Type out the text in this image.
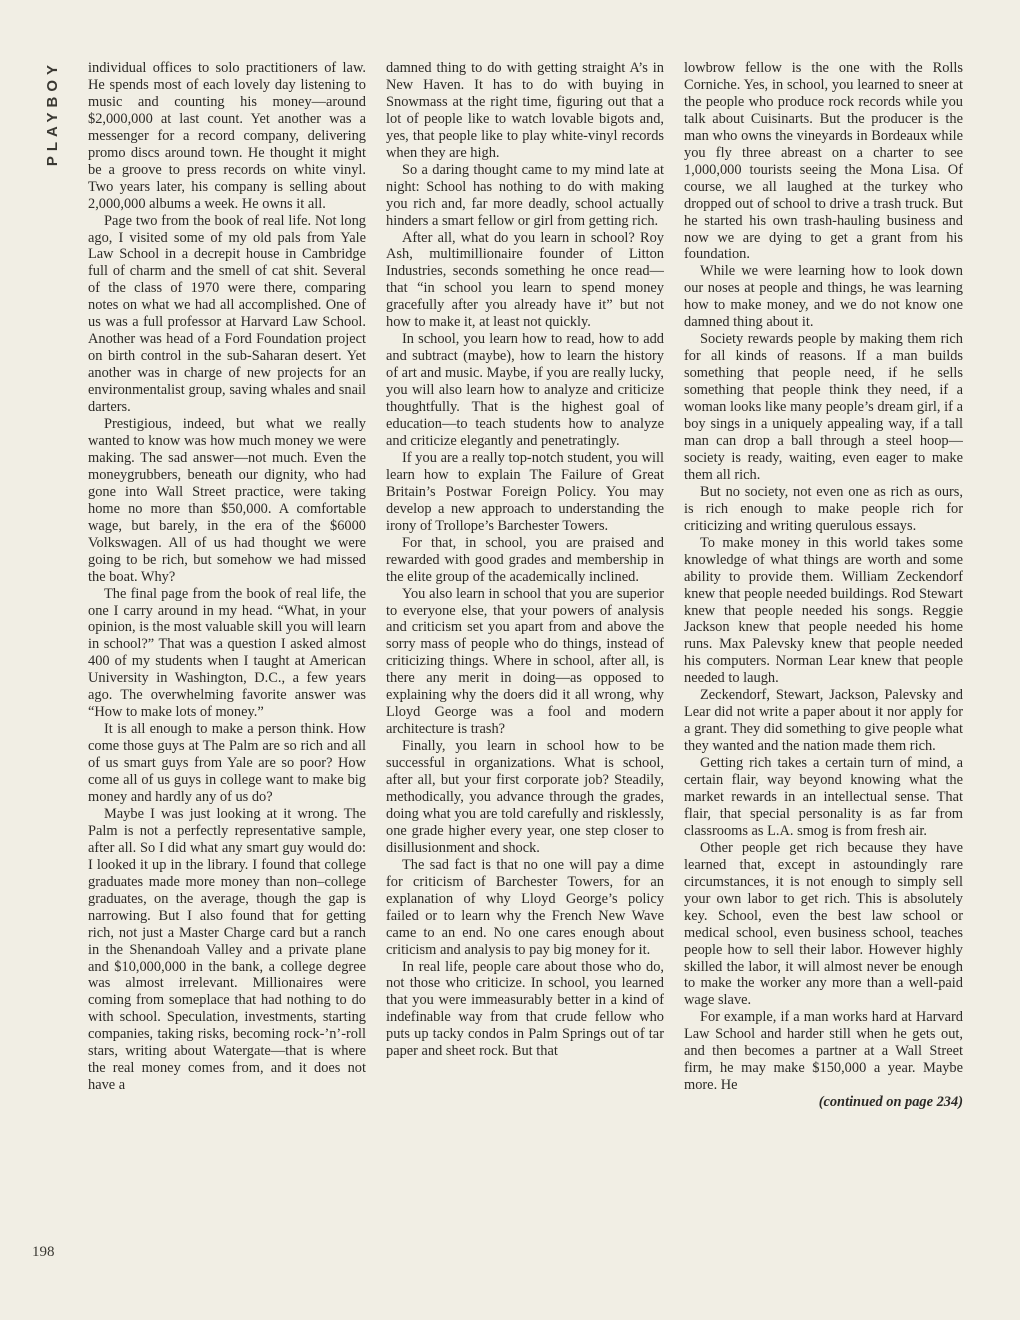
PLAYBOY individual offices to solo practitioners of law. He spends most of each lovely day listening to music and counting his money—around $2,000,000 at last count. Yet another was a messenger for a record company, delivering promo discs around town. He thought it might be a groove to press records on white vinyl. Two years later, his company is selling about 2,000,000 albums a week. He owns it all.

Page two from the book of real life. Not long ago, I visited some of my old pals from Yale Law School in a decrepit house in Cambridge full of charm and the smell of cat shit. Several of the class of 1970 were there, comparing notes on what we had all accomplished. One of us was a full professor at Harvard Law School. Another was head of a Ford Foundation project on birth control in the sub-Saharan desert. Yet another was in charge of new projects for an environmentalist group, saving whales and snail darters.

Prestigious, indeed, but what we really wanted to know was how much money we were making. The sad answer—not much. Even the moneygrubbers, beneath our dignity, who had gone into Wall Street practice, were taking home no more than $50,000. A comfortable wage, but barely, in the era of the $6000 Volkswagen. All of us had thought we were going to be rich, but somehow we had missed the boat. Why?

The final page from the book of real life, the one I carry around in my head. “What, in your opinion, is the most valuable skill you will learn in school?” That was a question I asked almost 400 of my students when I taught at American University in Washington, D.C., a few years ago. The overwhelming favorite answer was “How to make lots of money.”

It is all enough to make a person think. How come those guys at The Palm are so rich and all of us smart guys from Yale are so poor? How come all of us guys in college want to make big money and hardly any of us do?

Maybe I was just looking at it wrong. The Palm is not a perfectly representative sample, after all. So I did what any smart guy would do: I looked it up in the library. I found that college graduates made more money than non–college graduates, on the average, though the gap is narrowing. But I also found that for getting rich, not just a Master Charge card but a ranch in the Shenandoah Valley and a private plane and $10,000,000 in the bank, a college degree was almost irrelevant. Millionaires were coming from someplace that had nothing to do with school. Speculation, investments, starting companies, taking risks, becoming rock-’n’-roll stars, writing about Watergate—that is where the real money comes from, and it does not have a

damned thing to do with getting straight A’s in New Haven. It has to do with buying in Snowmass at the right time, figuring out that a lot of people like to watch lovable bigots and, yes, that people like to play white-vinyl records when they are high.

So a daring thought came to my mind late at night: School has nothing to do with making you rich and, far more deadly, school actually hinders a smart fellow or girl from getting rich.

After all, what do you learn in school? Roy Ash, multimillionaire founder of Litton Industries, seconds something he once read—that “in school you learn to spend money gracefully after you already have it” but not how to make it, at least not quickly.

In school, you learn how to read, how to add and subtract (maybe), how to learn the history of art and music. Maybe, if you are really lucky, you will also learn how to analyze and criticize thoughtfully. That is the highest goal of education—to teach students how to analyze and criticize elegantly and penetratingly.

If you are a really top-notch student, you will learn how to explain The Failure of Great Britain’s Postwar Foreign Policy. You may develop a new approach to understanding the irony of Trollope’s Barchester Towers.

For that, in school, you are praised and rewarded with good grades and membership in the elite group of the academically inclined.

You also learn in school that you are superior to everyone else, that your powers of analysis and criticism set you apart from and above the sorry mass of people who do things, instead of criticizing things. Where in school, after all, is there any merit in doing—as opposed to explaining why the doers did it all wrong, why Lloyd George was a fool and modern architecture is trash?

Finally, you learn in school how to be successful in organizations. What is school, after all, but your first corporate job? Steadily, methodically, you advance through the grades, doing what you are told carefully and risklessly, one grade higher every year, one step closer to disillusionment and shock.

The sad fact is that no one will pay a dime for criticism of Barchester Towers, for an explanation of why Lloyd George’s policy failed or to learn why the French New Wave came to an end. No one cares enough about criticism and analysis to pay big money for it.

In real life, people care about those who do, not those who criticize. In school, you learned that you were immeasurably better in a kind of indefinable way from that crude fellow who puts up tacky condos in Palm Springs out of tar paper and sheet rock. But that

lowbrow fellow is the one with the Rolls Corniche. Yes, in school, you learned to sneer at the people who produce rock records while you talk about Cuisinarts. But the producer is the man who owns the vineyards in Bordeaux while you fly three abreast on a charter to see 1,000,000 tourists seeing the Mona Lisa. Of course, we all laughed at the turkey who dropped out of school to drive a trash truck. But he started his own trash-hauling business and now we are dying to get a grant from his foundation.

While we were learning how to look down our noses at people and things, he was learning how to make money, and we do not know one damned thing about it.

Society rewards people by making them rich for all kinds of reasons. If a man builds something that people need, if he sells something that people think they need, if a woman looks like many people’s dream girl, if a boy sings in a uniquely appealing way, if a tall man can drop a ball through a steel hoop—society is ready, waiting, even eager to make them all rich.

But no society, not even one as rich as ours, is rich enough to make people rich for criticizing and writing querulous essays.

To make money in this world takes some knowledge of what things are worth and some ability to provide them. William Zeckendorf knew that people needed buildings. Rod Stewart knew that people needed his songs. Reggie Jackson knew that people needed his home runs. Max Palevsky knew that people needed his computers. Norman Lear knew that people needed to laugh.

Zeckendorf, Stewart, Jackson, Palevsky and Lear did not write a paper about it nor apply for a grant. They did something to give people what they wanted and the nation made them rich.

Getting rich takes a certain turn of mind, a certain flair, way beyond knowing what the market rewards in an intellectual sense. That flair, that special personality is as far from classrooms as L.A. smog is from fresh air.

Other people get rich because they have learned that, except in astoundingly rare circumstances, it is not enough to simply sell your own labor to get rich. This is absolutely key. School, even the best law school or medical school, even business school, teaches people how to sell their labor. However highly skilled the labor, it will almost never be enough to make the worker any more than a well-paid wage slave.

For example, if a man works hard at Harvard Law School and harder still when he gets out, and then becomes a partner at a Wall Street firm, he may make $150,000 a year. Maybe more. He

(continued on page 234)

198
